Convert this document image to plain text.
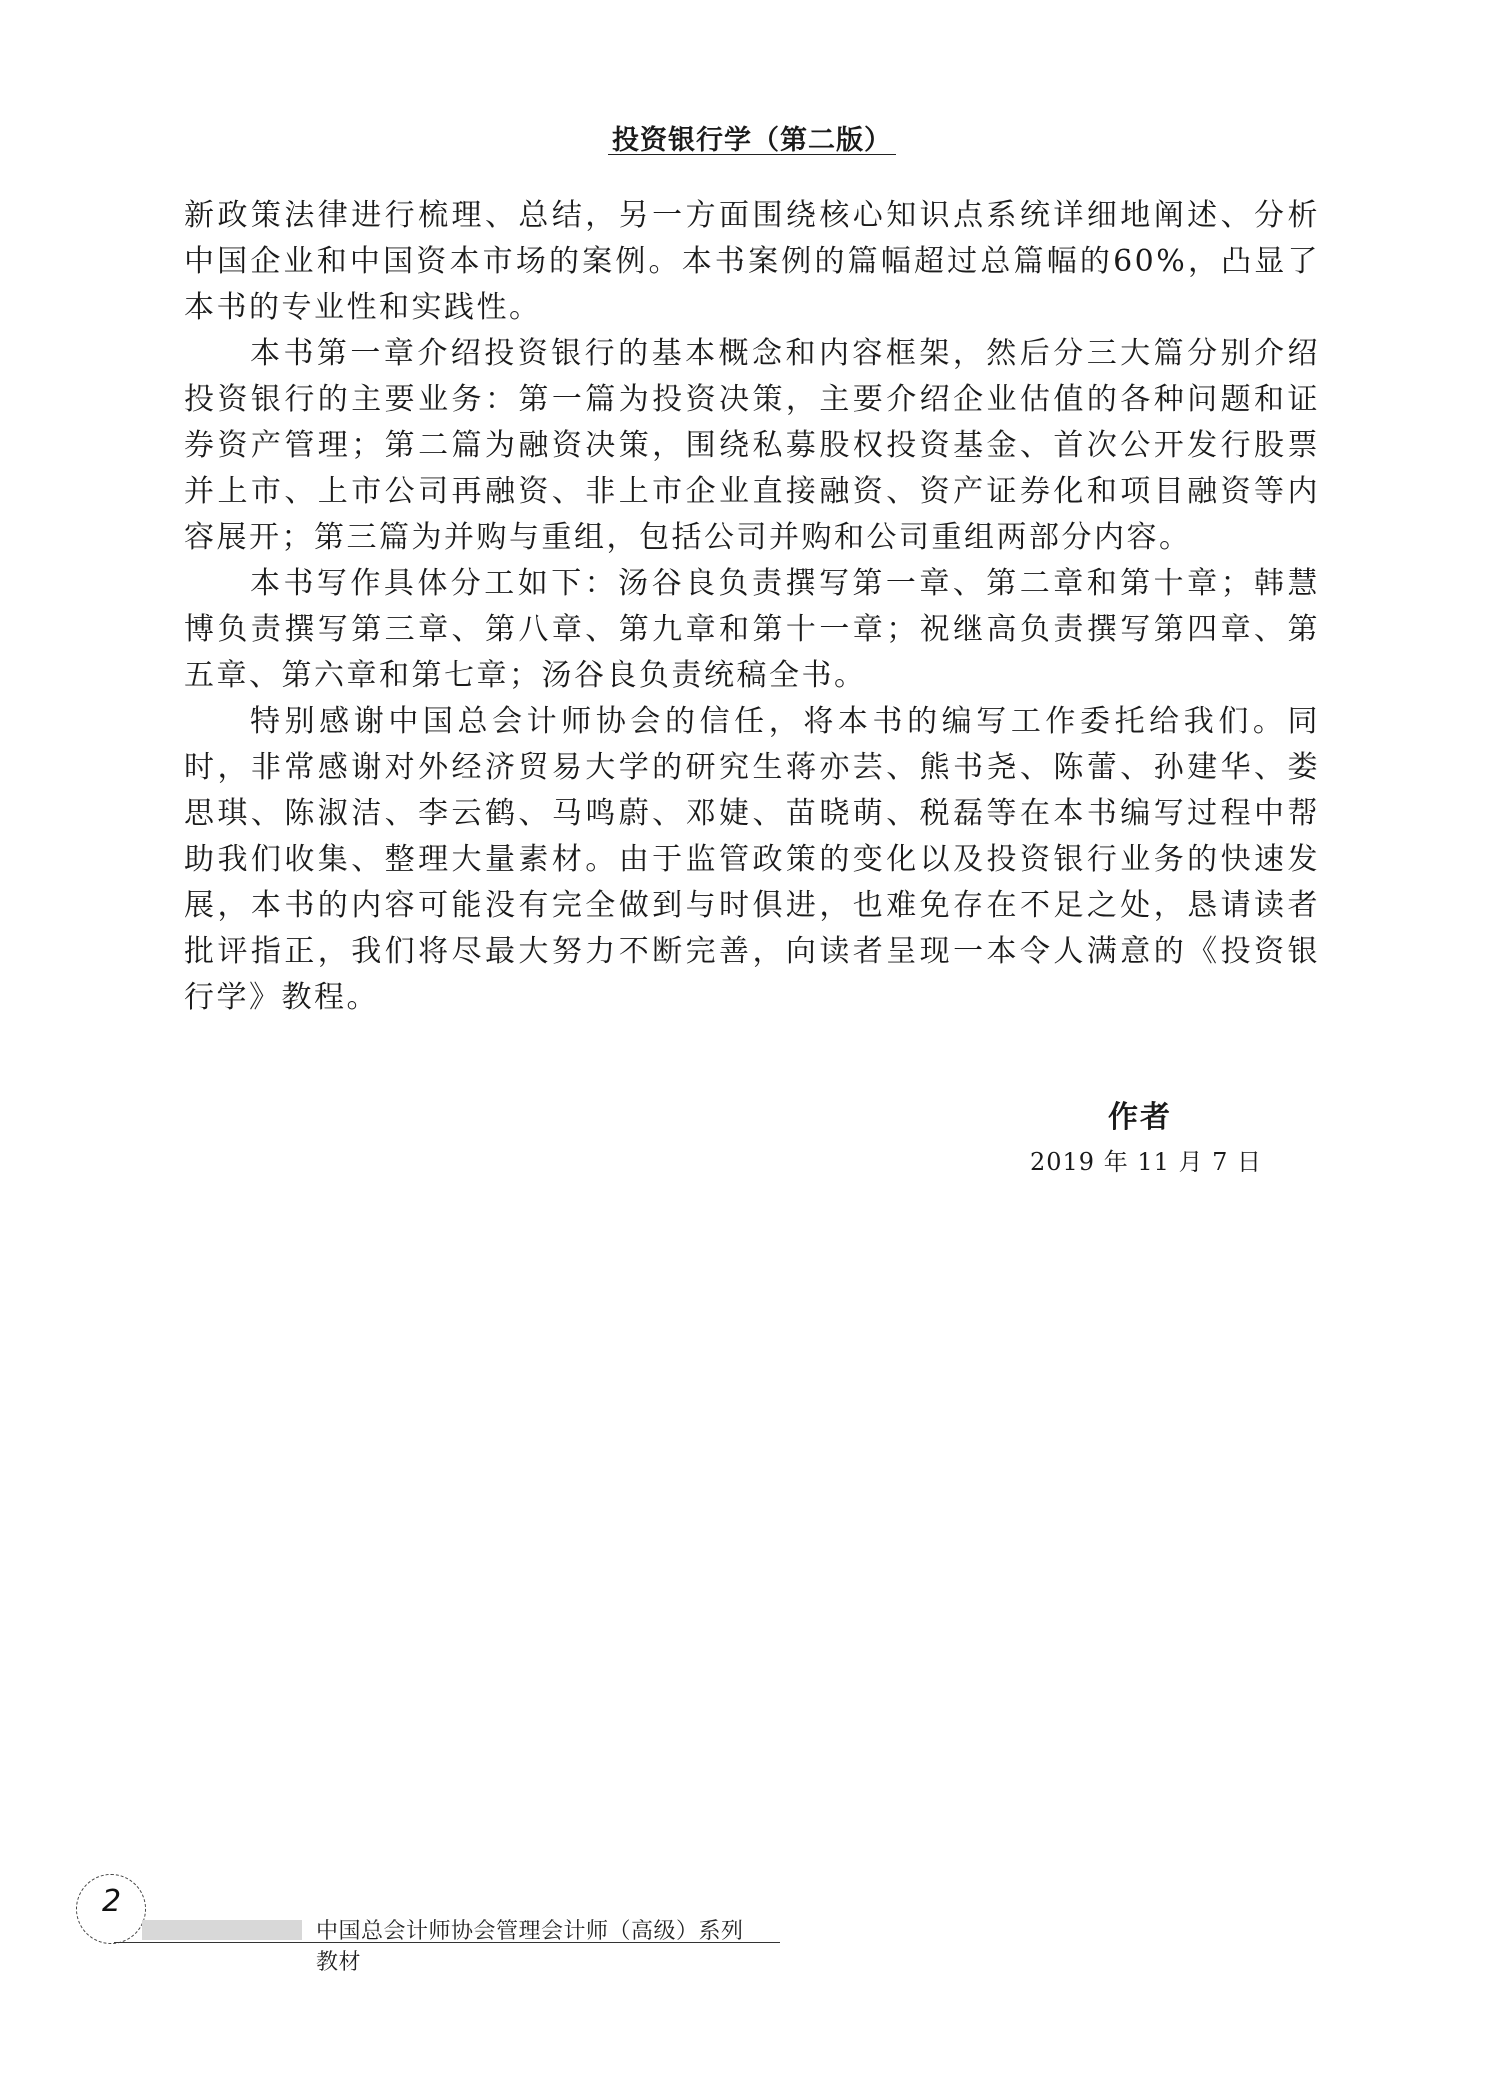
投资银行学（第二版）

新政策法律进行梳理、总结，另一方面围绕核心知识点系统详细地阐述、分析中国企业和中国资本市场的案例。本书案例的篇幅超过总篇幅的60%，凸显了本书的专业性和实践性。

本书第一章介绍投资银行的基本概念和内容框架，然后分三大篇分别介绍投资银行的主要业务：第一篇为投资决策，主要介绍企业估值的各种问题和证券资产管理；第二篇为融资决策，围绕私募股权投资基金、首次公开发行股票并上市、上市公司再融资、非上市企业直接融资、资产证券化和项目融资等内容展开；第三篇为并购与重组，包括公司并购和公司重组两部分内容。

本书写作具体分工如下：汤谷良负责撰写第一章、第二章和第十章；韩慧博负责撰写第三章、第八章、第九章和第十一章；祝继高负责撰写第四章、第五章、第六章和第七章；汤谷良负责统稿全书。

特别感谢中国总会计师协会的信任，将本书的编写工作委托给我们。同时，非常感谢对外经济贸易大学的研究生蒋亦芸、熊书尧、陈蕾、孙建华、娄思琪、陈淑洁、李云鹤、马鸣蔚、邓婕、苗晓萌、税磊等在本书编写过程中帮助我们收集、整理大量素材。由于监管政策的变化以及投资银行业务的快速发展，本书的内容可能没有完全做到与时俱进，也难免存在不足之处，恳请读者批评指正，我们将尽最大努力不断完善，向读者呈现一本令人满意的《投资银行学》教程。

作者
2019 年 11 月 7 日
2
中国总会计师协会管理会计师（高级）系列教材
